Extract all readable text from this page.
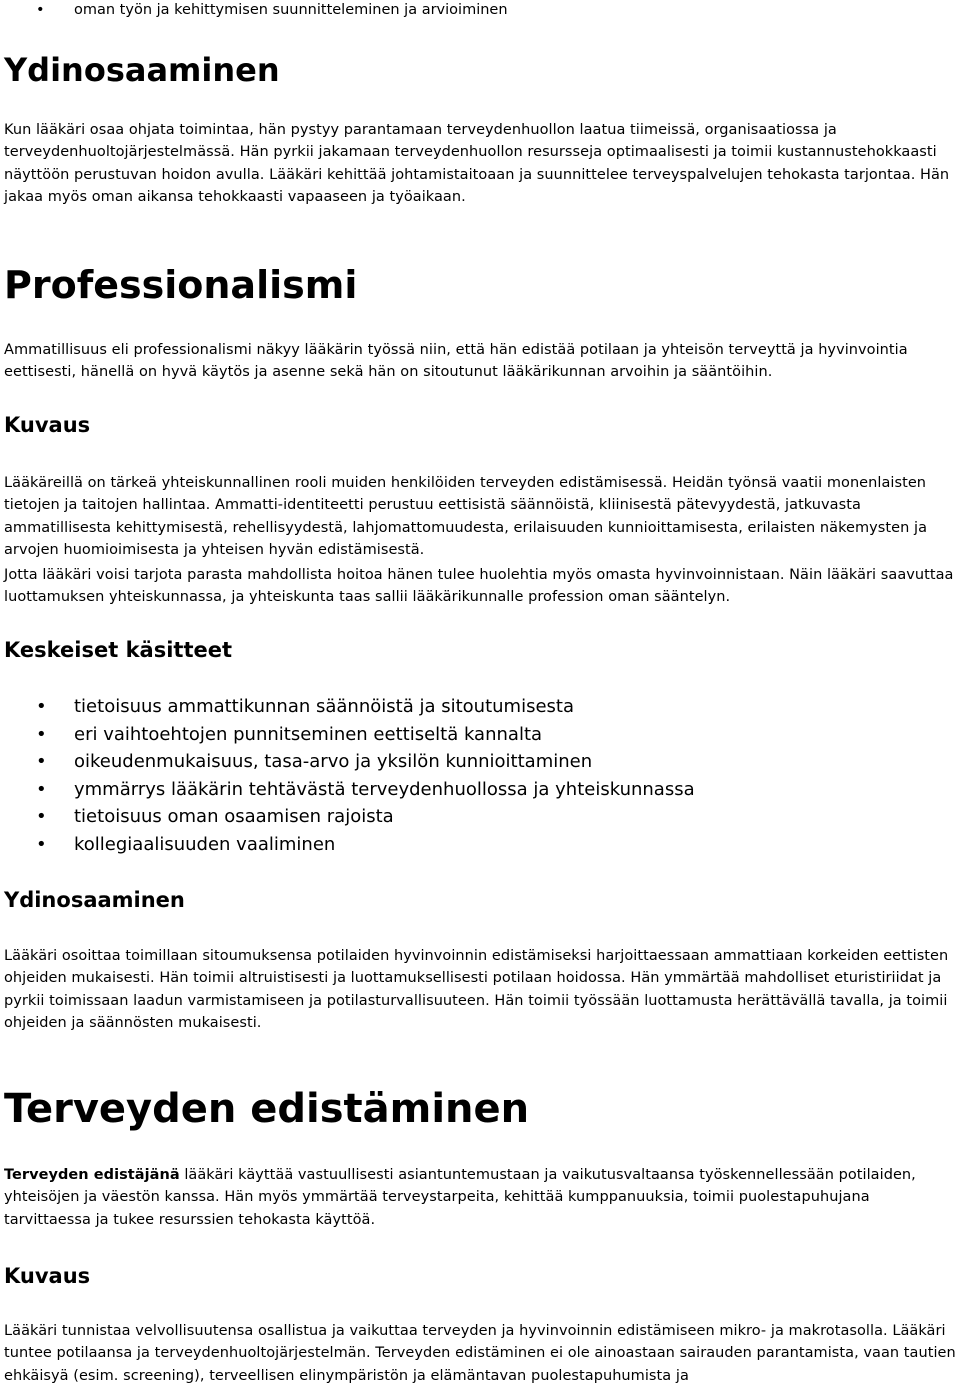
• oman työn ja kehittymisen suunnitteleminen ja arvioiminen
Ydinosaaminen

Kun lääkäri osaa ohjata toimintaa, hän pystyy parantamaan terveydenhuollon laatua tiimeissä, organisaatiossa ja terveydenhuoltojärjestelmässä. Hän pyrkii jakamaan terveydenhuollon resursseja optimaalisesti ja toimii kustannustehokkaasti näyttöön perustuvan hoidon avulla. Lääkäri kehittää johtamistaitoaan ja suunnittelee terveyspalvelujen tehokasta tarjontaa. Hän jakaa myös oman aikansa tehokkaasti vapaaseen ja työaikaan.

Professionalismi

Ammatillisuus eli professionalismi näkyy lääkärin työssä niin, että hän edistää potilaan ja yhteisön terveyttä ja hyvinvointia eettisesti, hänellä on hyvä käytös ja asenne sekä hän on sitoutunut lääkärikunnan arvoihin ja sääntöihin.

Kuvaus

Lääkäreillä on tärkeä yhteiskunnallinen rooli muiden henkilöiden terveyden edistämisessä. Heidän työnsä vaatii monenlaisten tietojen ja taitojen hallintaa. Ammatti-identiteetti perustuu eettisistä säännöistä, kliinisestä pätevyydestä, jatkuvasta ammatillisesta kehittymisestä, rehellisyydestä, lahjomattomuudesta, erilaisuuden kunnioittamisesta, erilaisten näkemysten ja arvojen huomioimisesta ja yhteisen hyvän edistämisestä.

Jotta lääkäri voisi tarjota parasta mahdollista hoitoa hänen tulee huolehtia myös omasta hyvinvoinnistaan. Näin lääkäri saavuttaa luottamuksen yhteiskunnassa, ja yhteiskunta taas sallii lääkärikunnalle profession oman sääntelyn.

Keskeiset käsitteet
• tietoisuus ammattikunnan säännöistä ja sitoutumisesta
• eri vaihtoehtojen punnitseminen eettiseltä kannalta
• oikeudenmukaisuus, tasa-arvo ja yksilön kunnioittaminen
• ymmärrys lääkärin tehtävästä terveydenhuollossa ja yhteiskunnassa
• tietoisuus oman osaamisen rajoista
• kollegiaalisuuden vaaliminen
Ydinosaaminen

Lääkäri osoittaa toimillaan sitoumuksensa potilaiden hyvinvoinnin edistämiseksi harjoittaessaan ammattiaan korkeiden eettisten ohjeiden mukaisesti. Hän toimii altruistisesti ja luottamuksellisesti potilaan hoidossa. Hän ymmärtää mahdolliset eturistiriidat ja pyrkii toimissaan laadun varmistamiseen ja potilasturvallisuuteen. Hän toimii työssään luottamusta herättävällä tavalla, ja toimii ohjeiden ja säännösten mukaisesti.

Terveyden edistäminen

Terveyden edistäjänä lääkäri käyttää vastuullisesti asiantuntemustaan ja vaikutusvaltaansa työskennellessään potilaiden, yhteisöjen ja väestön kanssa. Hän myös ymmärtää terveystarpeita, kehittää kumppanuuksia, toimii puolestapuhujana tarvittaessa ja tukee resurssien tehokasta käyttöä.

Kuvaus

Lääkäri tunnistaa velvollisuutensa osallistua ja vaikuttaa terveyden ja hyvinvoinnin edistämiseen mikro- ja makrotasolla. Lääkäri tuntee potilaansa ja terveydenhuoltojärjestelmän. Terveyden edistäminen ei ole ainoastaan sairauden parantamista, vaan tautien ehkäisyä (esim. screening), terveellisen elinympäristön ja elämäntavan puolestapuhumista ja
